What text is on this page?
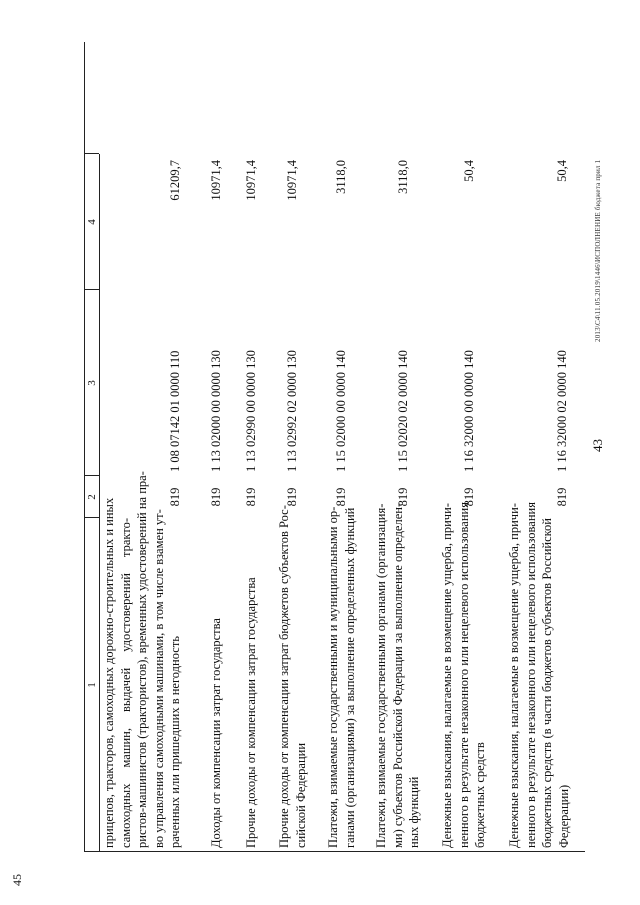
1
2
3
4
прицепов, тракторов, самоходных дорожно-строительных и иных самоходных машин, выдачей удостоверений тракто- ристов-машинистов (трактористов), временных удостоверений на пра- во управления самоходными машинами, в том числе взамен ут- раченных или пришедших в негодность
819
1 08 07142 01 0000 110
61209,7
Доходы от компенсации затрат государства
819
1 13 02000 00 0000 130
10971,4
Прочие доходы от компенсации затрат государства
819
1 13 02990 00 0000 130
10971,4
Прочие доходы от компенсации затрат бюджетов субъектов Рос- сийской Федерации
819
1 13 02992 02 0000 130
10971,4
Платежи, взимаемые государственными и муниципальными ор- ганами (организациями) за выполнение определенных функций
819
1 15 02000 00 0000 140
3118,0
Платежи, взимаемые государственными органами (организация- ми) субъектов Российской Федерации за выполнение определен- ных функций
819
1 15 02020 02 0000 140
3118,0
Денежные взыскания, налагаемые в возмещение ущерба, причи- ненного в результате незаконного или нецелевого использования бюджетных средств
819
1 16 32000 00 0000 140
50,4
Денежные взыскания, налагаемые в возмещение ущерба, причи- ненного в результате незаконного или нецелевого использования бюджетных средств (в части бюджетов субъектов Российской Федерации)
819
1 16 32000 02 0000 140
50,4
43
2013\C4\11.05.2019\1446\ИСПОЛНЕНИЕ бюджета прил 1
45
